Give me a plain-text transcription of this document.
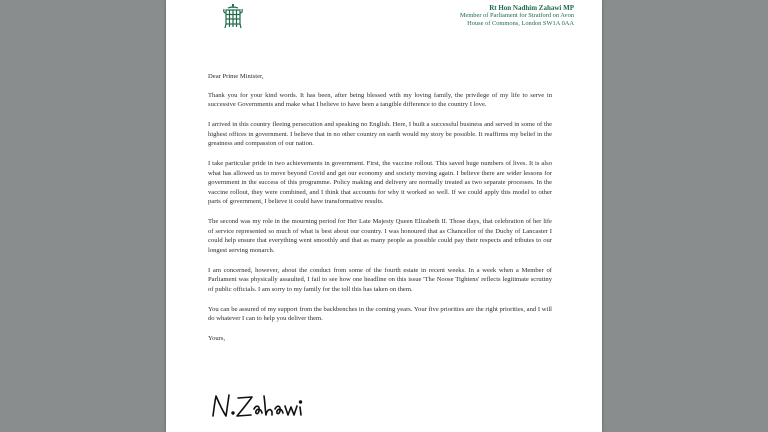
Rt Hon Nadhim Zahawi MP
Member of Parliament for Stratford on Avon
House of Commons, London SW1A 0AA

Dear Prime Minister,

Thank you for your kind words. It has been, after being blessed with my loving family, the privilege of my life to serve in successive Governments and make what I believe to have been a tangible difference to the country I love.

I arrived in this country fleeing persecution and speaking no English. Here, I built a successful business and served in some of the highest offices in government. I believe that in no other country on earth would my story be possible. It reaffirms my belief in the greatness and compassion of our nation.

I take particular pride in two achievements in government. First, the vaccine rollout. This saved huge numbers of lives. It is also what has allowed us to move beyond Covid and get our economy and society moving again. I believe there are wider lessons for government in the success of this programme. Policy making and delivery are normally treated as two separate processes. In the vaccine rollout, they were combined, and I think that accounts for why it worked so well. If we could apply this model to other parts of government, I believe it could have transformative results.

The second was my role in the mourning period for Her Late Majesty Queen Elizabeth II. Those days, that celebration of her life of service represented so much of what is best about our country. I was honoured that as Chancellor of the Duchy of Lancaster I could help ensure that everything went smoothly and that as many people as possible could pay their respects and tributes to our longest serving monarch.

I am concerned, however, about the conduct from some of the fourth estate in recent weeks. In a week when a Member of Parliament was physically assaulted, I fail to see how one headline on this issue 'The Noose Tightens' reflects legitimate scrutiny of public officials. I am sorry to my family for the toll this has taken on them.

You can be assured of my support from the backbenches in the coming years. Your five priorities are the right priorities, and I will do whatever I can to help you deliver them.

Yours,
